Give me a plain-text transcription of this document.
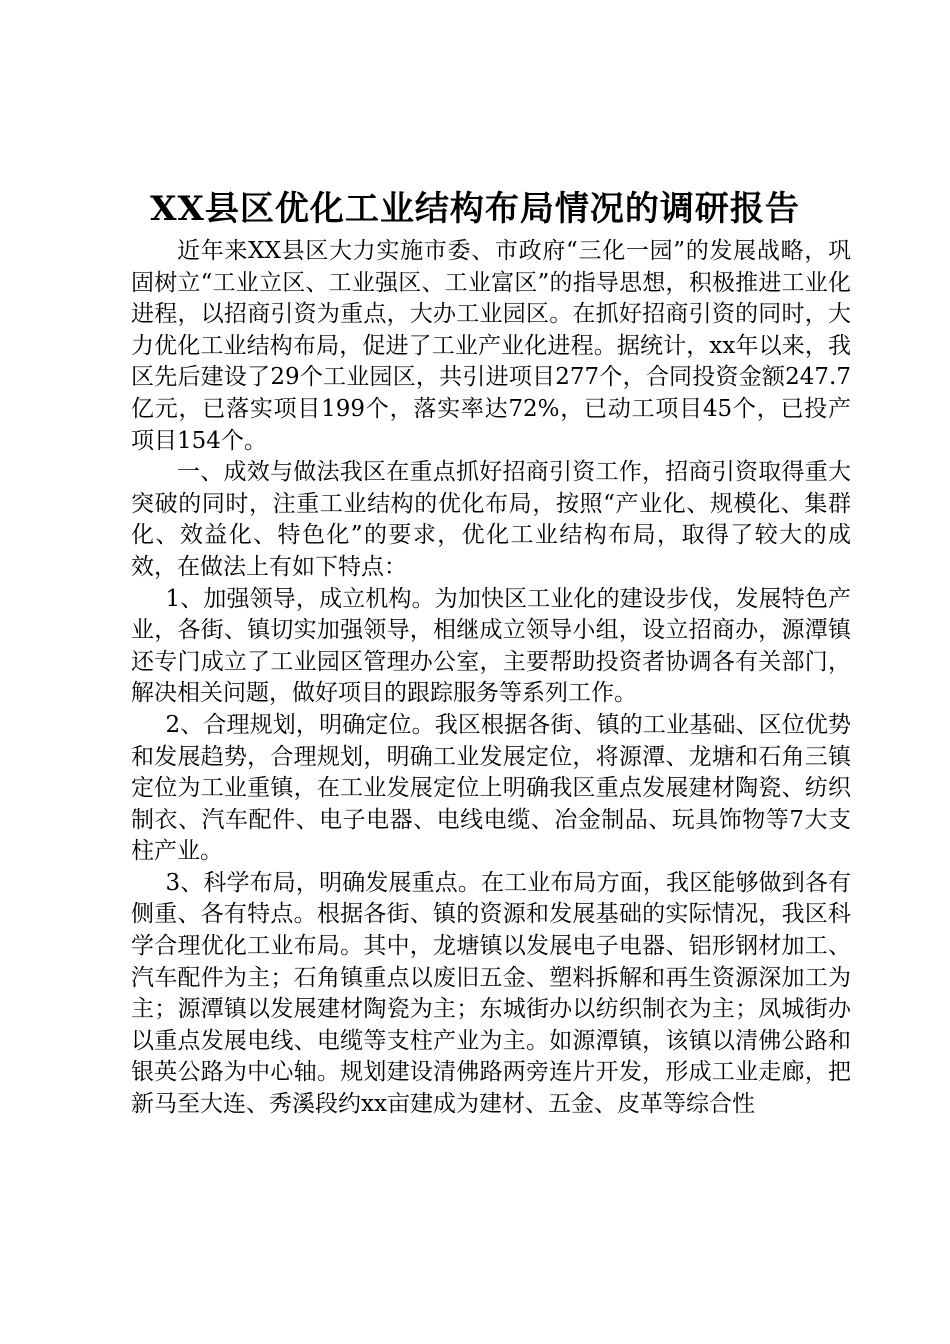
XX县区优化工业结构布局情况的调研报告

近年来XX县区大力实施市委、市政府“三化一园”的发展战略，巩固树立“工业立区、工业强区、工业富区”的指导思想，积极推进工业化进程，以招商引资为重点，大办工业园区。在抓好招商引资的同时，大力优化工业结构布局，促进了工业产业化进程。据统计，xx年以来，我区先后建设了29个工业园区，共引进项目277个，合同投资金额247.7亿元，已落实项目199个，落实率达72%，已动工项目45个，已投产项目154个。

一、成效与做法我区在重点抓好招商引资工作，招商引资取得重大突破的同时，注重工业结构的优化布局，按照“产业化、规模化、集群化、效益化、特色化”的要求，优化工业结构布局，取得了较大的成效，在做法上有如下特点：

1、加强领导，成立机构。为加快区工业化的建设步伐，发展特色产业，各街、镇切实加强领导，相继成立领导小组，设立招商办，源潭镇还专门成立了工业园区管理办公室，主要帮助投资者协调各有关部门，解决相关问题，做好项目的跟踪服务等系列工作。

2、合理规划，明确定位。我区根据各街、镇的工业基础、区位优势和发展趋势，合理规划，明确工业发展定位，将源潭、龙塘和石角三镇定位为工业重镇，在工业发展定位上明确我区重点发展建材陶瓷、纺织制衣、汽车配件、电子电器、电线电缆、冶金制品、玩具饰物等7大支柱产业。

3、科学布局，明确发展重点。在工业布局方面，我区能够做到各有侧重、各有特点。根据各街、镇的资源和发展基础的实际情况，我区科学合理优化工业布局。其中，龙塘镇以发展电子电器、铝形钢材加工、汽车配件为主；石角镇重点以废旧五金、塑料拆解和再生资源深加工为主；源潭镇以发展建材陶瓷为主；东城街办以纺织制衣为主；凤城街办以重点发展电线、电缆等支柱产业为主。如源潭镇，该镇以清佛公路和银英公路为中心轴。规划建设清佛路两旁连片开发，形成工业走廊，把新马至大连、秀溪段约xx亩建成为建材、五金、皮革等综合性
